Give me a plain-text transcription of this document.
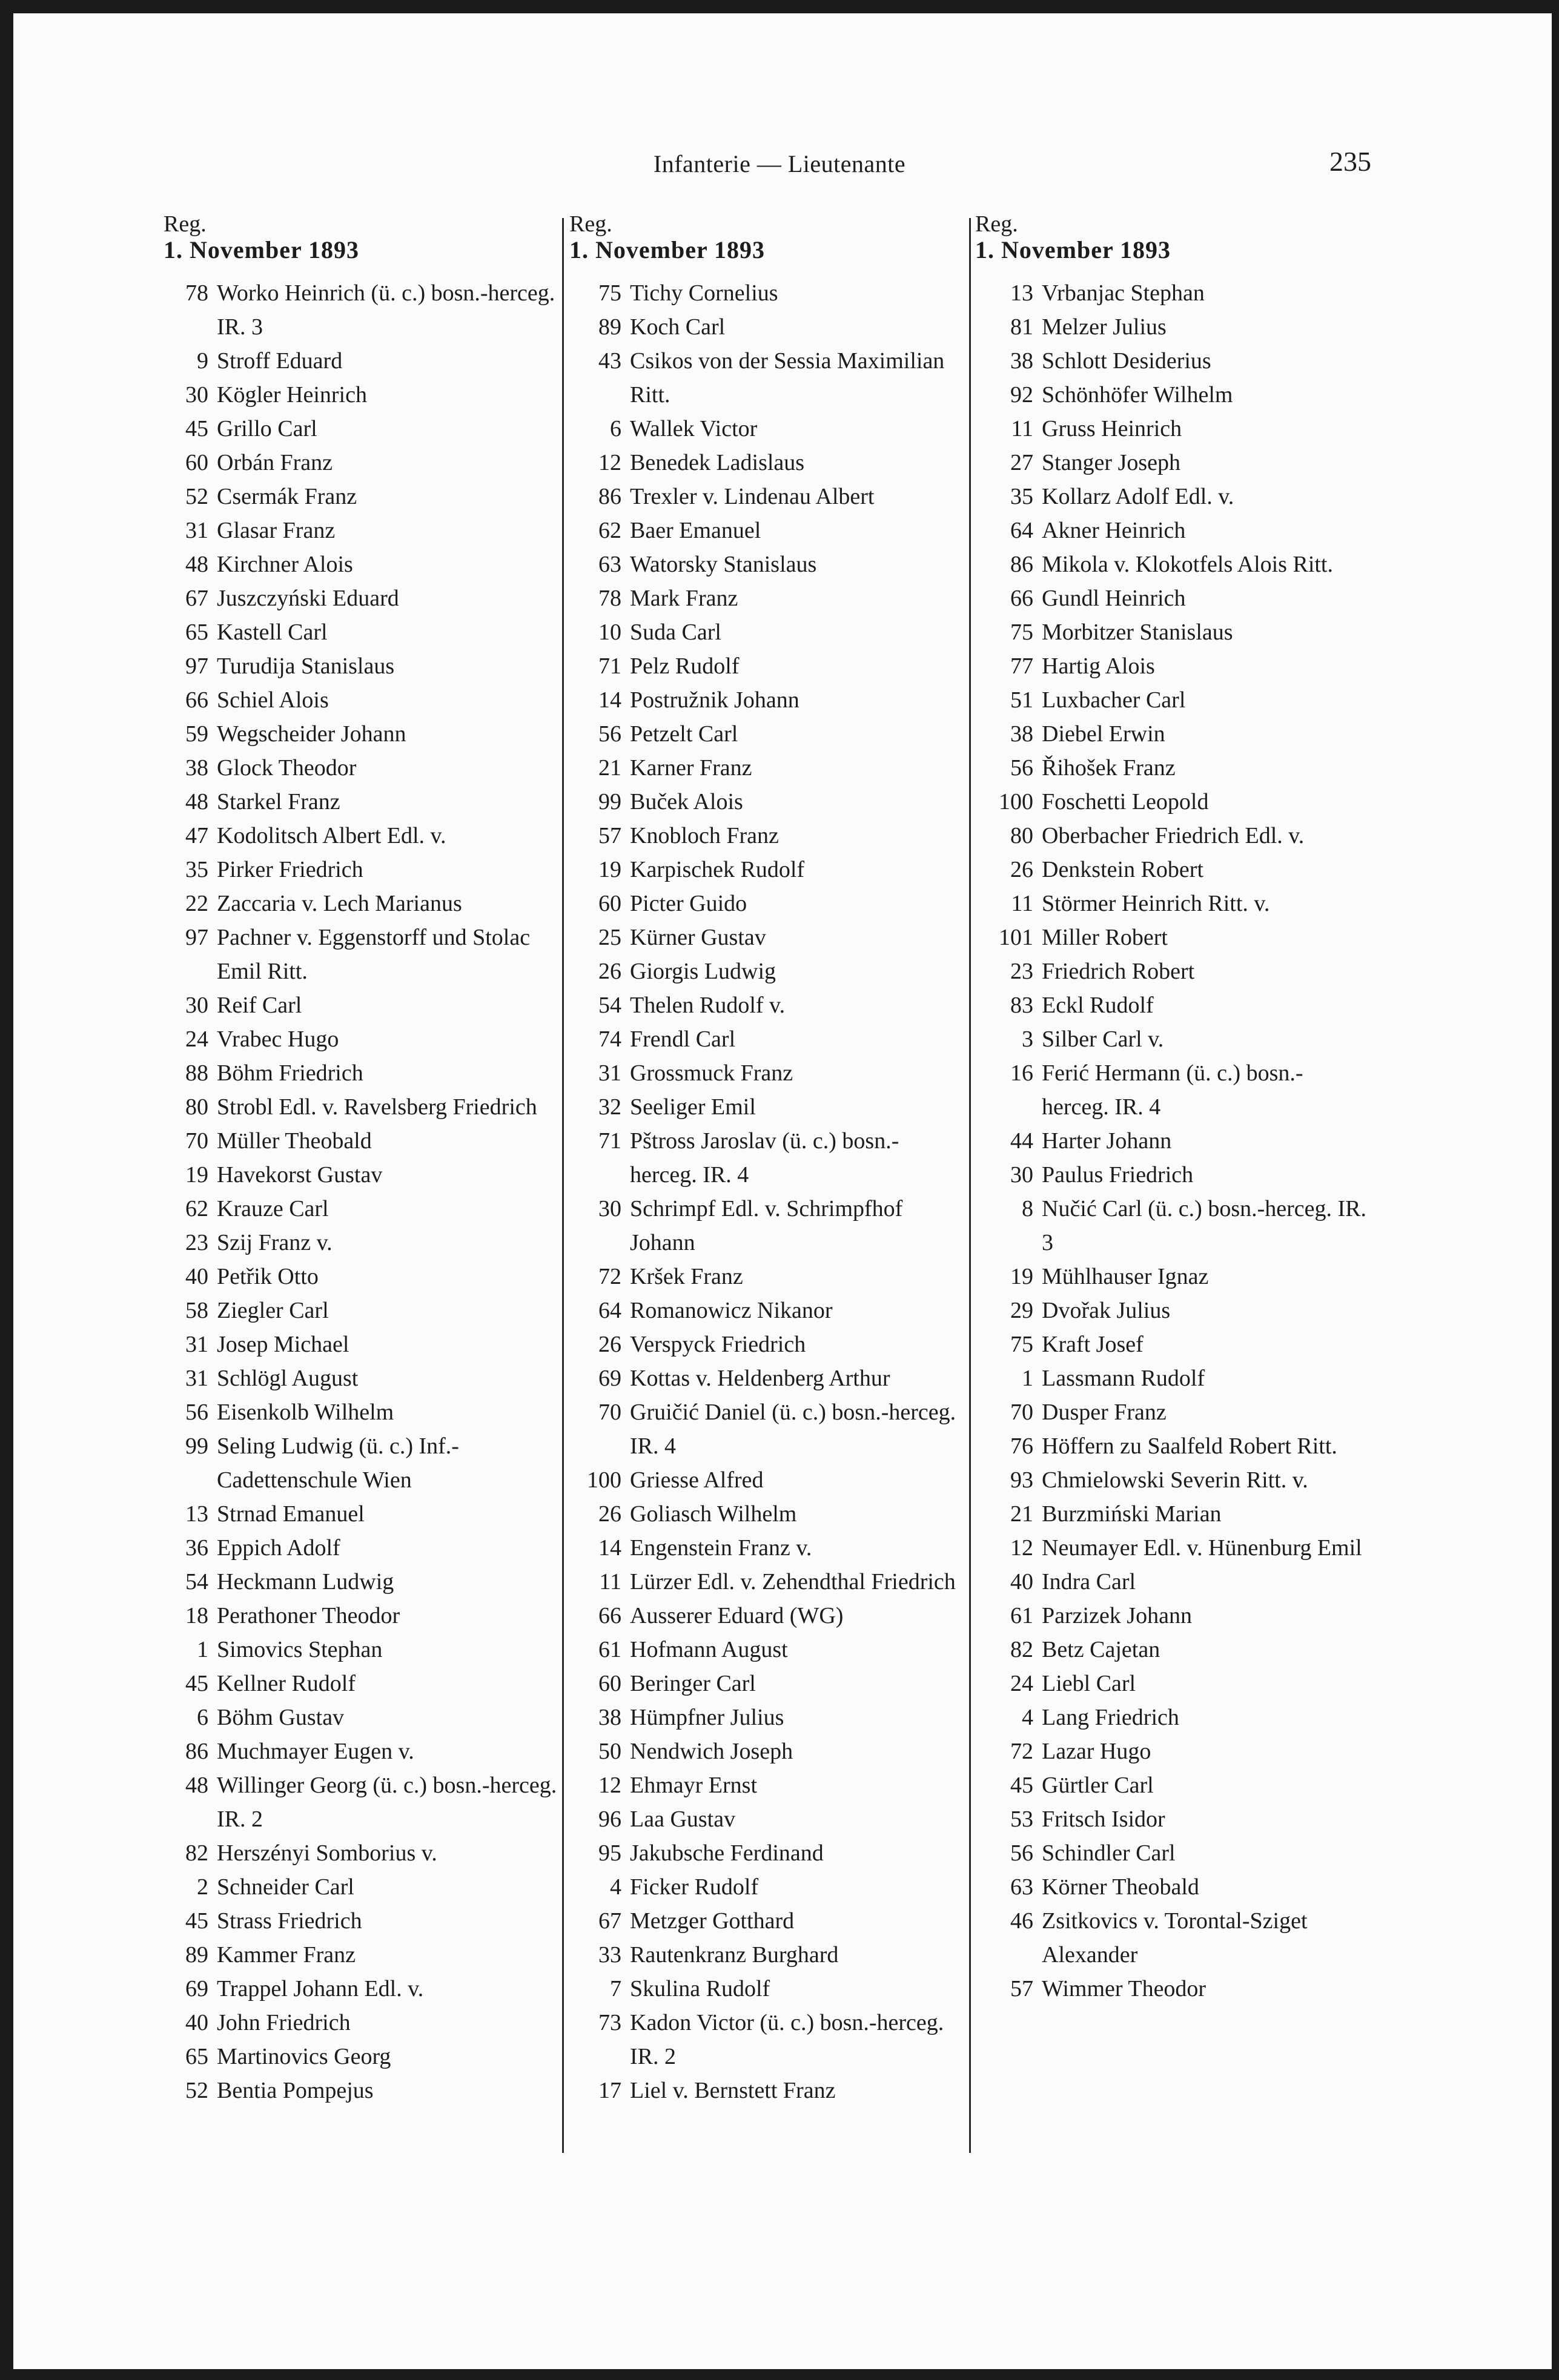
Infanterie — Lieutenante	235
Reg.
1. November 1893
78 Worko Heinrich (ü. c.) bosn.-herceg. IR. 3
9 Stroff Eduard
30 Kögler Heinrich
45 Grillo Carl
60 Orbán Franz
52 Csermák Franz
31 Glasar Franz
48 Kirchner Alois
67 Juszczyński Eduard
65 Kastell Carl
97 Turudija Stanislaus
66 Schiel Alois
59 Wegscheider Johann
38 Glock Theodor
48 Starkel Franz
47 Kodolitsch Albert Edl. v.
35 Pirker Friedrich
22 Zaccaria v. Lech Marianus
97 Pachner v. Eggenstorff und Stolac Emil Ritt.
30 Reif Carl
24 Vrabec Hugo
88 Böhm Friedrich
80 Strobl Edl. v. Ravelsberg Friedrich
70 Müller Theobald
19 Havekorst Gustav
62 Krauze Carl
23 Szij Franz v.
40 Petřik Otto
58 Ziegler Carl
31 Josep Michael
31 Schlögl August
56 Eisenkolb Wilhelm
99 Seling Ludwig (ü. c.) Inf.-Cadettenschule Wien
13 Strnad Emanuel
36 Eppich Adolf
54 Heckmann Ludwig
18 Perathoner Theodor
1 Simovics Stephan
45 Kellner Rudolf
6 Böhm Gustav
86 Muchmayer Eugen v.
48 Willinger Georg (ü. c.) bosn.-herceg. IR. 2
82 Herszényi Somborius v.
2 Schneider Carl
45 Strass Friedrich
89 Kammer Franz
69 Trappel Johann Edl. v.
40 John Friedrich
65 Martinovics Georg
52 Bentia Pompejus
Reg.
1. November 1893
75 Tichy Cornelius
89 Koch Carl
43 Csikos von der Sessia Maximilian Ritt.
6 Wallek Victor
12 Benedek Ladislaus
86 Trexler v. Lindenau Albert
62 Baer Emanuel
63 Watorsky Stanislaus
78 Mark Franz
10 Suda Carl
71 Pelz Rudolf
14 Postružnik Johann
56 Petzelt Carl
21 Karner Franz
99 Buček Alois
57 Knobloch Franz
19 Karpischek Rudolf
60 Picter Guido
25 Kürner Gustav
26 Giorgis Ludwig
54 Thelen Rudolf v.
74 Frendl Carl
31 Grossmuck Franz
32 Seeliger Emil
71 Pštross Jaroslav (ü. c.) bosn.-herceg. IR. 4
30 Schrimpf Edl. v. Schrimpfhof Johann
72 Kršek Franz
64 Romanowicz Nikanor
26 Verspyck Friedrich
69 Kottas v. Heldenberg Arthur
70 Gruičić Daniel (ü. c.) bosn.-herceg. IR. 4
100 Griesse Alfred
26 Goliasch Wilhelm
14 Engenstein Franz v.
11 Lürzer Edl. v. Zehendthal Friedrich
66 Ausserer Eduard (WG)
61 Hofmann August
60 Beringer Carl
38 Hümpfner Julius
50 Nendwich Joseph
12 Ehmayr Ernst
96 Laa Gustav
95 Jakubsche Ferdinand
4 Ficker Rudolf
67 Metzger Gotthard
33 Rautenkranz Burghard
7 Skulina Rudolf
73 Kadon Victor (ü. c.) bosn.-herceg. IR. 2
17 Liel v. Bernstett Franz
Reg.
1. November 1893
13 Vrbanjac Stephan
81 Melzer Julius
38 Schlott Desiderius
92 Schönhöfer Wilhelm
11 Gruss Heinrich
27 Stanger Joseph
35 Kollarz Adolf Edl. v.
64 Akner Heinrich
86 Mikola v. Klokotfels Alois Ritt.
66 Gundl Heinrich
75 Morbitzer Stanislaus
77 Hartig Alois
51 Luxbacher Carl
38 Diebel Erwin
56 Řihošek Franz
100 Foschetti Leopold
80 Oberbacher Friedrich Edl. v.
26 Denkstein Robert
11 Störmer Heinrich Ritt. v.
101 Miller Robert
23 Friedrich Robert
83 Eckl Rudolf
3 Silber Carl v.
16 Ferić Hermann (ü. c.) bosn.-herceg. IR. 4
44 Harter Johann
30 Paulus Friedrich
8 Nučić Carl (ü. c.) bosn.-herceg. IR. 3
19 Mühlhauser Ignaz
29 Dvořak Julius
75 Kraft Josef
1 Lassmann Rudolf
70 Dusper Franz
76 Höffern zu Saalfeld Robert Ritt.
93 Chmielowski Severin Ritt. v.
21 Burzmiński Marian
12 Neumayer Edl. v. Hünenburg Emil
40 Indra Carl
61 Parzizek Johann
82 Betz Cajetan
24 Liebl Carl
4 Lang Friedrich
72 Lazar Hugo
45 Gürtler Carl
53 Fritsch Isidor
56 Schindler Carl
63 Körner Theobald
46 Zsitkovics v. Torontal-Sziget Alexander
57 Wimmer Theodor
